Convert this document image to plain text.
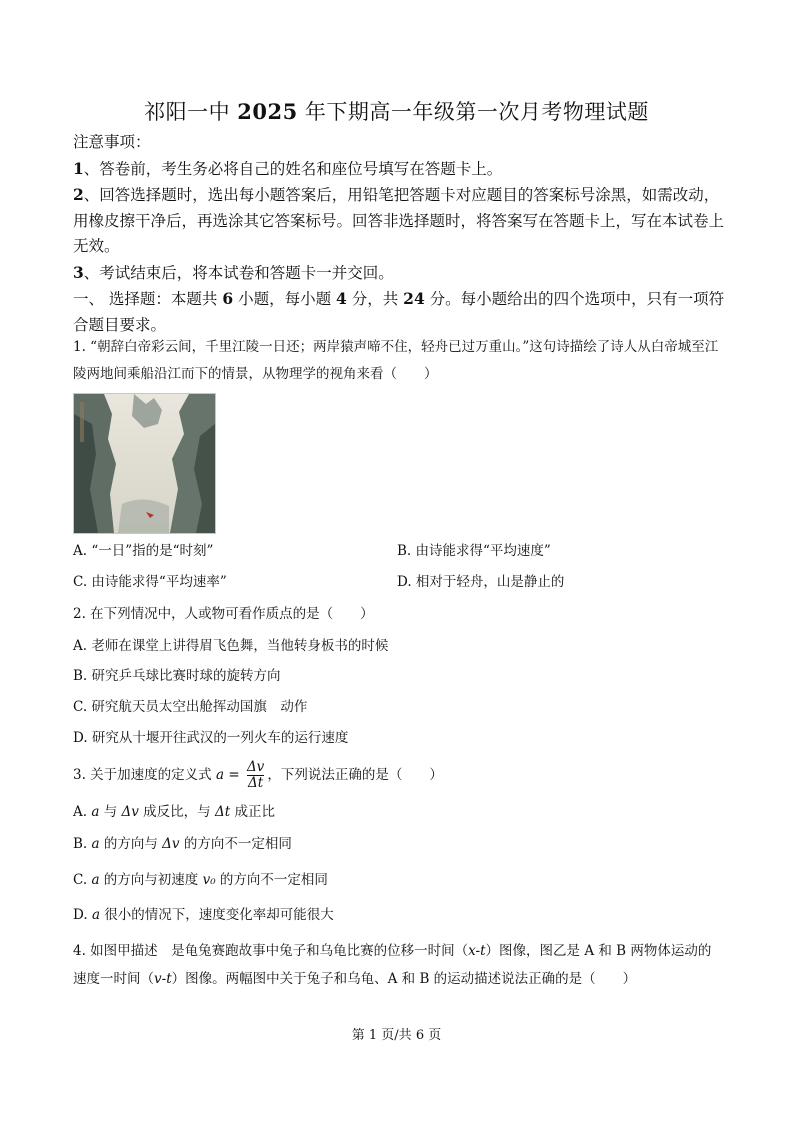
祁阳一中 2025 年下期高一年级第一次月考物理试题

注意事项：

1、答卷前，考生务必将自己的姓名和座位号填写在答题卡上。

2、回答选择题时，选出每小题答案后，用铅笔把答题卡对应题目的答案标号涂黑，如需改动，用橡皮擦干净后，再选涂其它答案标号。回答非选择题时，将答案写在答题卡上，写在本试卷上无效。

3、考试结束后，将本试卷和答题卡一并交回。

一、 选择题：本题共 6 小题，每小题 4 分，共 24 分。每小题给出的四个选项中，只有一项符合题目要求。

1. “朝辞白帝彩云间，千里江陵一日还；两岸猿声啼不住，轻舟已过万重山。”这句诗描绘了诗人从白帝城至江陵两地间乘船沿江而下的情景，从物理学的视角来看（　　）
A. “一日”指的是“时刻”	B. 由诗能求得“平均速度”
C. 由诗能求得“平均速率”	D. 相对于轻舟，山是静止的
2. 在下列情况中，人或物可看作质点的是（　　）
A. 老师在课堂上讲得眉飞色舞，当他转身板书的时候
B. 研究乒乓球比赛时球的旋转方向
C. 研究航天员太空出舱挥动国旗　动作
D. 研究从十堰开往武汉的一列火车的运行速度
3. 关于加速度的定义式 $a = \frac{\Delta v}{\Delta t}$ ，下列说法正确的是（　　）
A. a 与 Δv 成反比，与 Δt 成正比
B. a 的方向与 Δv 的方向不一定相同
C. a 的方向与初速度 v₀ 的方向不一定相同
D. a 很小的情况下，速度变化率却可能很大
4. 如图甲描述　是龟兔赛跑故事中兔子和乌龟比赛的位移一时间（x-t）图像，图乙是 A 和 B 两物体运动的速度一时间（v-t）图像。两幅图中关于兔子和乌龟、A 和 B 的运动描述说法正确的是（　　）
第 1 页/共 6 页
